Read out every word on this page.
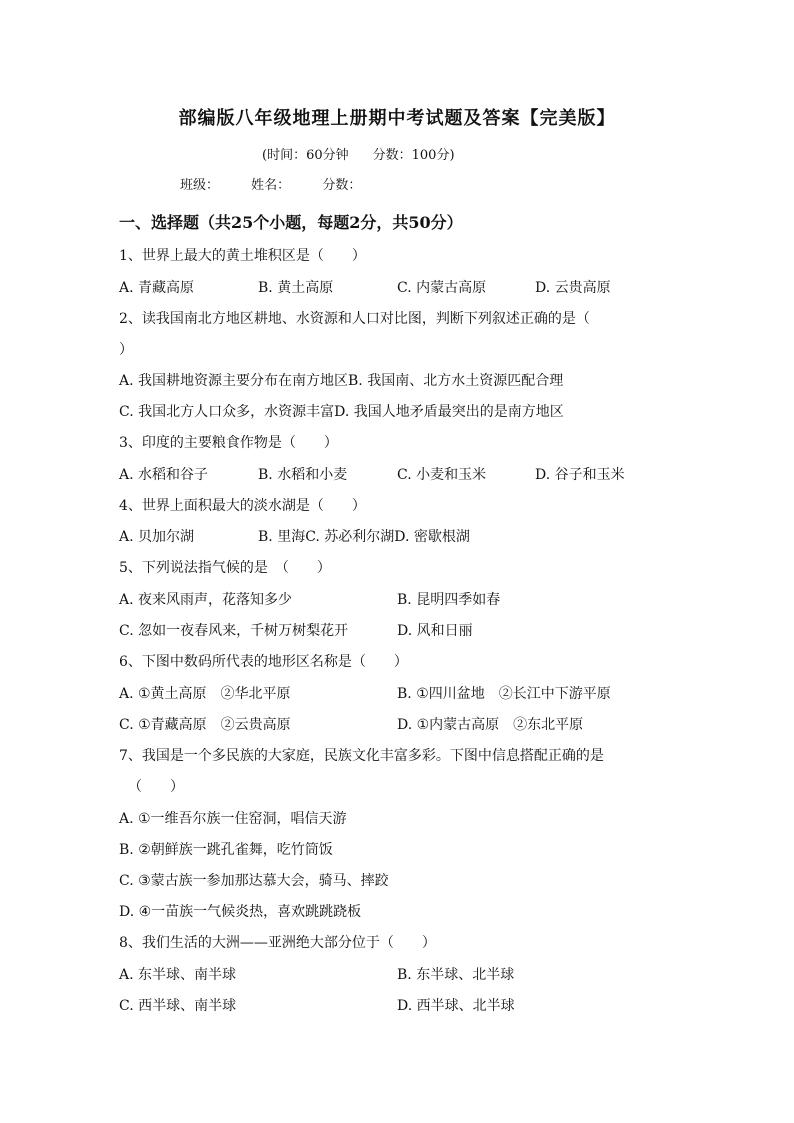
部编版八年级地理上册期中考试题及答案【完美版】
(时间：60分钟 分数：100分)
班级： 姓名： 分数：
一、选择题（共25个小题，每题2分，共50分）
1、世界上最大的黄土堆积区是（　　）
A. 青藏高原	B. 黄土高原	C. 内蒙古高原	D. 云贵高原
2、读我国南北方地区耕地、水资源和人口对比图，判断下列叙述正确的是（
）
A. 我国耕地资源主要分布在南方地区B. 我国南、北方水土资源匹配合理
C. 我国北方人口众多，水资源丰富D. 我国人地矛盾最突出的是南方地区
3、印度的主要粮食作物是（　　）
A. 水稻和谷子	B. 水稻和小麦	C. 小麦和玉米	D. 谷子和玉米
4、世界上面积最大的淡水湖是（　　）
A. 贝加尔湖	B. 里海C. 苏必利尔湖D. 密歇根湖
5、下列说法指气候的是　（　　）
A. 夜来风雨声，花落知多少	B. 昆明四季如春
C. 忽如一夜春风来，千树万树梨花开	D. 风和日丽
6、下图中数码所代表的地形区名称是（　　）
A. ①黄土高原　②华北平原	B. ①四川盆地　②长江中下游平原
C. ①青藏高原　②云贵高原	D. ①内蒙古高原　②东北平原
7、我国是一个多民族的大家庭，民族文化丰富多彩。下图中信息搭配正确的是
（　　）
A. ①一维吾尔族一住窑洞，唱信天游
B. ②朝鲜族一跳孔雀舞，吃竹筒饭
C. ③蒙古族一参加那达慕大会，骑马、摔跤
D. ④一苗族一气候炎热，喜欢跳跳跷板
8、我们生活的大洲——亚洲绝大部分位于（　　）
A. 东半球、南半球	B. 东半球、北半球
C. 西半球、南半球	D. 西半球、北半球
